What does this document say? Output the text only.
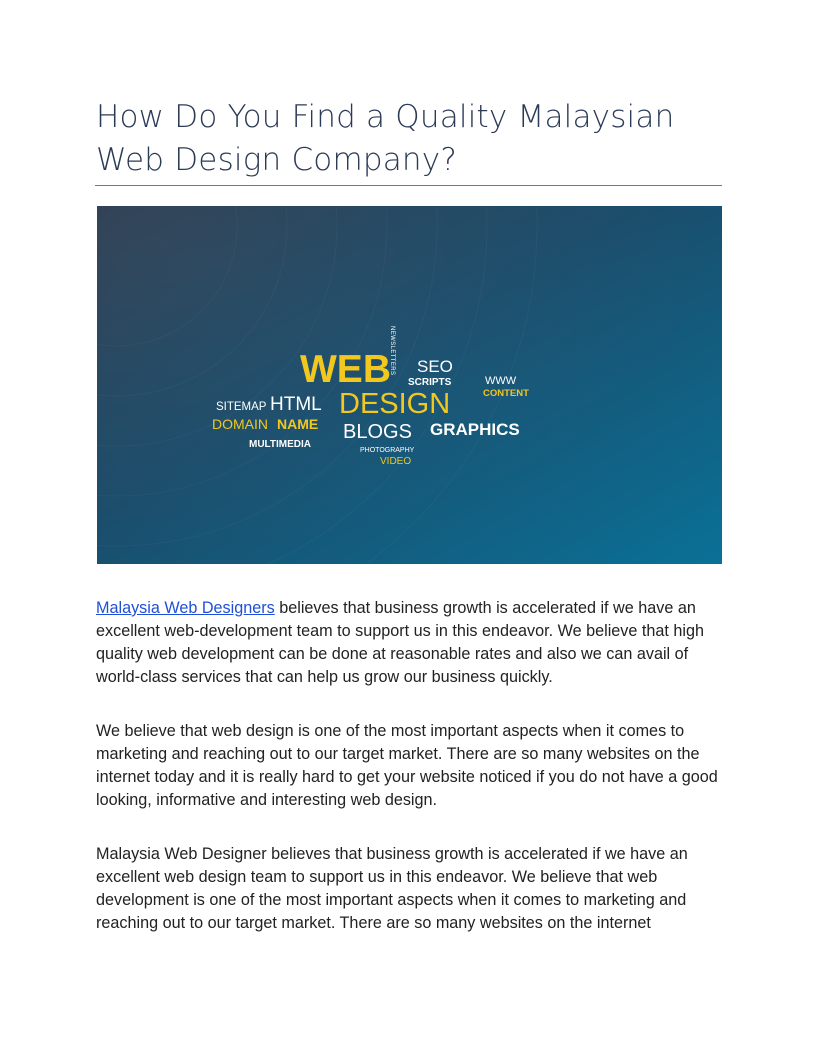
How Do You Find a Quality Malaysian Web Design Company?
WEB
NEWSLETTERS SEO
SCRIPTS	WWW
CONTENT
SITEMAP HTML DESIGN
DOMAIN NAME BLOGS GRAPHICS
MULTIMEDIA
PHOTOGRAPHY
VIDEO

Malaysia Web Designers believes that business growth is accelerated if we have an excellent web-development team to support us in this endeavor. We believe that high quality web development can be done at reasonable rates and also we can avail of world-class services that can help us grow our business quickly.

We believe that web design is one of the most important aspects when it comes to marketing and reaching out to our target market. There are so many websites on the internet today and it is really hard to get your website noticed if you do not have a good looking, informative and interesting web design.

Malaysia Web Designer believes that business growth is accelerated if we have an excellent web design team to support us in this endeavor. We believe that web development is one of the most important aspects when it comes to marketing and reaching out to our target market. There are so many websites on the internet
